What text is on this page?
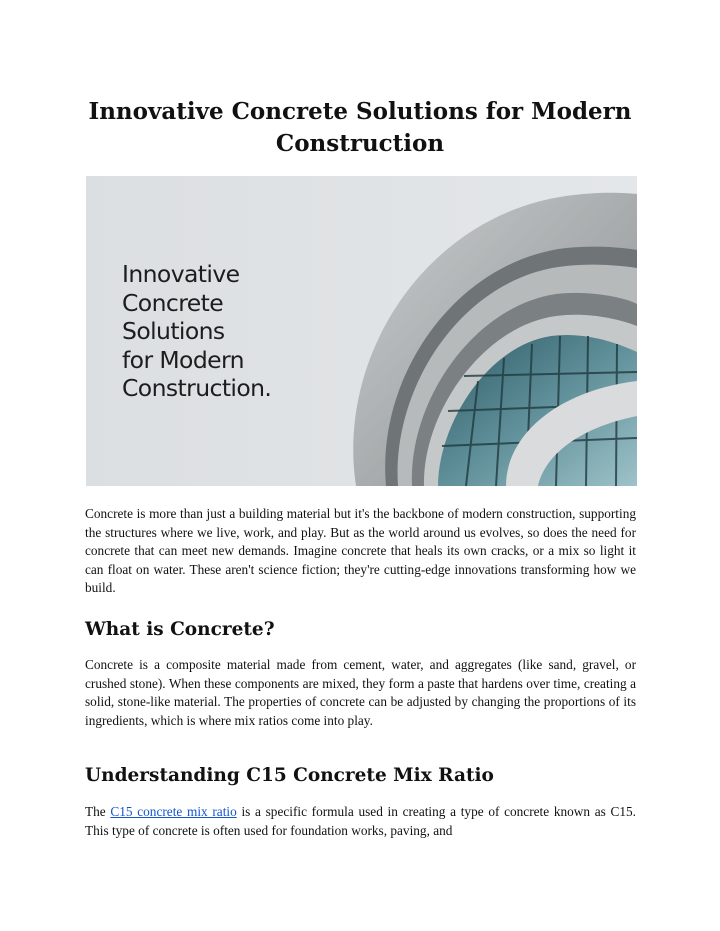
Innovative Concrete Solutions for Modern Construction
Innovative
Concrete
Solutions
for Modern
Construction.

Concrete is more than just a building material but it's the backbone of modern construction, supporting the structures where we live, work, and play. But as the world around us evolves, so does the need for concrete that can meet new demands. Imagine concrete that heals its own cracks, or a mix so light it can float on water. These aren't science fiction; they're cutting-edge innovations transforming how we build.

What is Concrete?

Concrete is a composite material made from cement, water, and aggregates (like sand, gravel, or crushed stone). When these components are mixed, they form a paste that hardens over time, creating a solid, stone-like material. The properties of concrete can be adjusted by changing the proportions of its ingredients, which is where mix ratios come into play.

Understanding C15 Concrete Mix Ratio

The C15 concrete mix ratio is a specific formula used in creating a type of concrete known as C15. This type of concrete is often used for foundation works, paving, and
